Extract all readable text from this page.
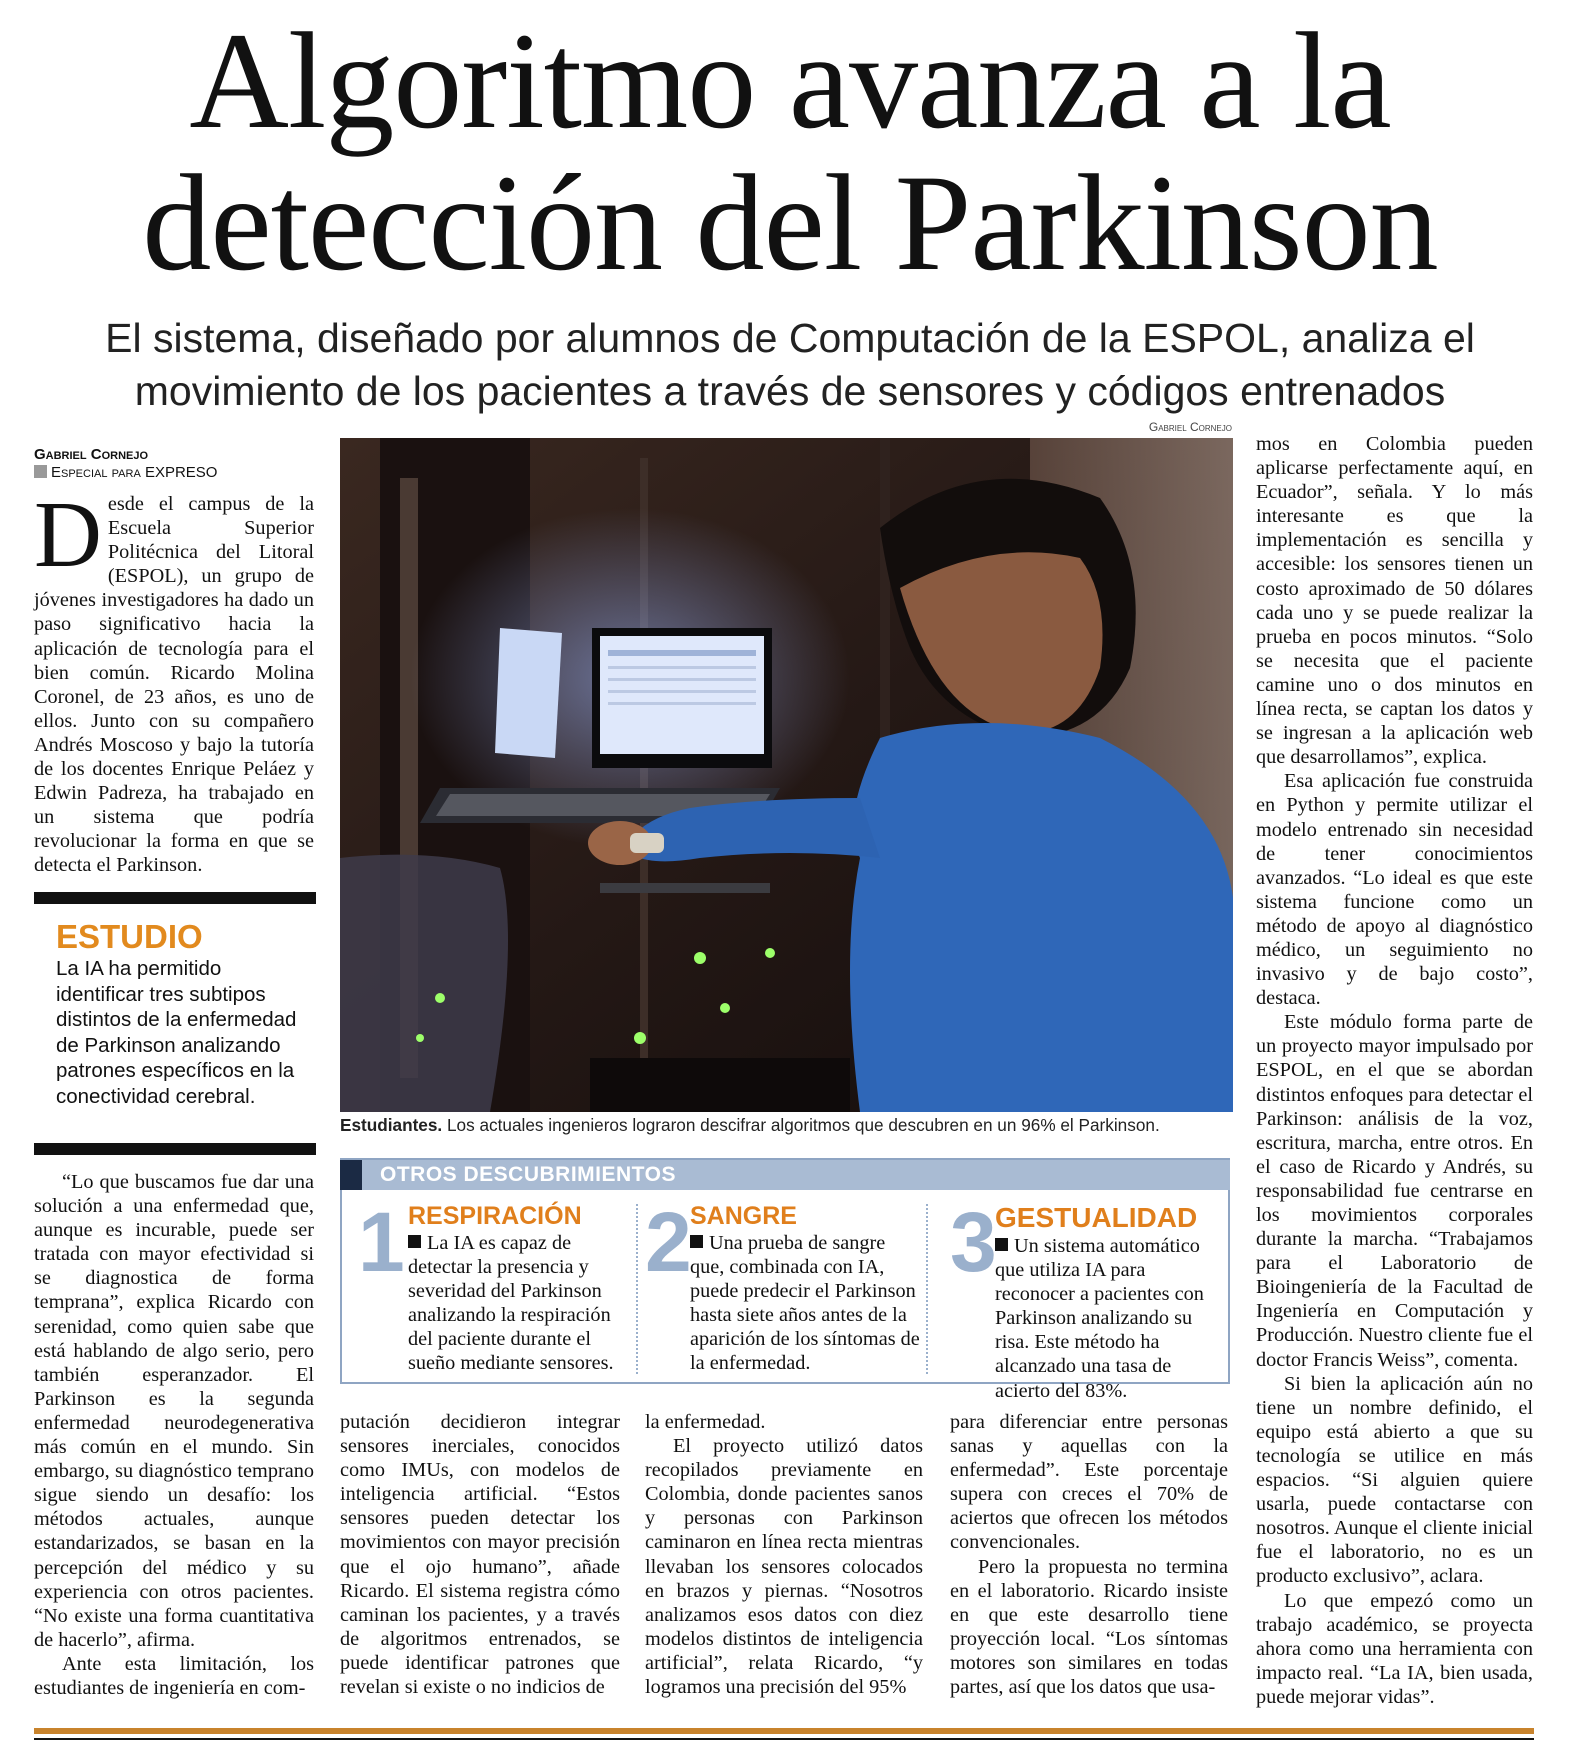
Algoritmo avanza a la
detección del Parkinson
El sistema, diseñado por alumnos de Computación de la ESPOL, analiza el
movimiento de los pacientes a través de sensores y códigos entrenados
Gabriel Cornejo
Especial para EXPRESO

Desde el campus de la Escuela Superior Politécnica del Litoral (ESPOL), un grupo de jóvenes investigadores ha dado un paso significativo hacia la aplicación de tecnología para el bien común. Ricardo Molina Coronel, de 23 años, es uno de ellos. Junto con su compañero Andrés Moscoso y bajo la tutoría de los docentes Enrique Peláez y Edwin Padreza, ha trabajado en un sistema que podría revolucionar la forma en que se detecta el Parkinson.

ESTUDIO
La IA ha permitido identificar tres subtipos distintos de la enfermedad de Parkinson analizando patrones específicos en la conectividad cerebral.

“Lo que buscamos fue dar una solución a una enfermedad que, aunque es incurable, puede ser tratada con mayor efectividad si se diagnostica de forma temprana”, explica Ricardo con serenidad, como quien sabe que está hablando de algo serio, pero también esperanzador. El Parkinson es la segunda enfermedad neurodegenerativa más común en el mundo. Sin embargo, su diagnóstico temprano sigue siendo un desafío: los métodos actuales, aunque estandarizados, se basan en la percepción del médico y su experiencia con otros pacientes. “No existe una forma cuantitativa de hacerlo”, afirma.

Ante esta limitación, los estudiantes de ingeniería en com-

Gabriel Cornejo
Estudiantes. Los actuales ingenieros lograron descifrar algoritmos que descubren en un 96% el Parkinson.
OTROS DESCUBRIMIENTOS
1 RESPIRACIÓN
La IA es capaz de detectar la presencia y severidad del Parkinson analizando la respiración del paciente durante el sueño mediante sensores.
2
SANGRE
Una prueba de sangre que, combinada con IA, puede predecir el Parkinson hasta siete años antes de la aparición de los síntomas de la enfermedad.
3
GESTUALIDAD
Un sistema automático que utiliza IA para reconocer a pacientes con Parkinson analizando su risa. Este método ha alcanzado una tasa de acierto del 83%.

putación decidieron integrar sensores inerciales, conocidos como IMUs, con modelos de inteligencia artificial. “Estos sensores pueden detectar los movimientos con mayor precisión que el ojo humano”, añade Ricardo. El sistema registra cómo caminan los pacientes, y a través de algoritmos entrenados, se puede identificar patrones que revelan si existe o no indicios de

la enfermedad.

El proyecto utilizó datos recopilados previamente en Colombia, donde pacientes sanos y personas con Parkinson caminaron en línea recta mientras llevaban los sensores colocados en brazos y piernas. “Nosotros analizamos esos datos con diez modelos distintos de inteligencia artificial”, relata Ricardo, “y logramos una precisión del 95%

para diferenciar entre personas sanas y aquellas con la enfermedad”. Este porcentaje supera con creces el 70% de aciertos que ofrecen los métodos convencionales.

Pero la propuesta no termina en el laboratorio. Ricardo insiste en que este desarrollo tiene proyección local. “Los síntomas motores son similares en todas partes, así que los datos que usa-

mos en Colombia pueden aplicarse perfectamente aquí, en Ecuador”, señala. Y lo más interesante es que la implementación es sencilla y accesible: los sensores tienen un costo aproximado de 50 dólares cada uno y se puede realizar la prueba en pocos minutos. “Solo se necesita que el paciente camine uno o dos minutos en línea recta, se captan los datos y se ingresan a la aplicación web que desarrollamos”, explica.

Esa aplicación fue construida en Python y permite utilizar el modelo entrenado sin necesidad de tener conocimientos avanzados. “Lo ideal es que este sistema funcione como un método de apoyo al diagnóstico médico, un seguimiento no invasivo y de bajo costo”, destaca.

Este módulo forma parte de un proyecto mayor impulsado por ESPOL, en el que se abordan distintos enfoques para detectar el Parkinson: análisis de la voz, escritura, marcha, entre otros. En el caso de Ricardo y Andrés, su responsabilidad fue centrarse en los movimientos corporales durante la marcha. “Trabajamos para el Laboratorio de Bioingeniería de la Facultad de Ingeniería en Computación y Producción. Nuestro cliente fue el doctor Francis Weiss”, comenta.

Si bien la aplicación aún no tiene un nombre definido, el equipo está abierto a que su tecnología se utilice en más espacios. “Si alguien quiere usarla, puede contactarse con nosotros. Aunque el cliente inicial fue el laboratorio, no es un producto exclusivo”, aclara.

Lo que empezó como un trabajo académico, se proyecta ahora como una herramienta con impacto real. “La IA, bien usada, puede mejorar vidas”.
